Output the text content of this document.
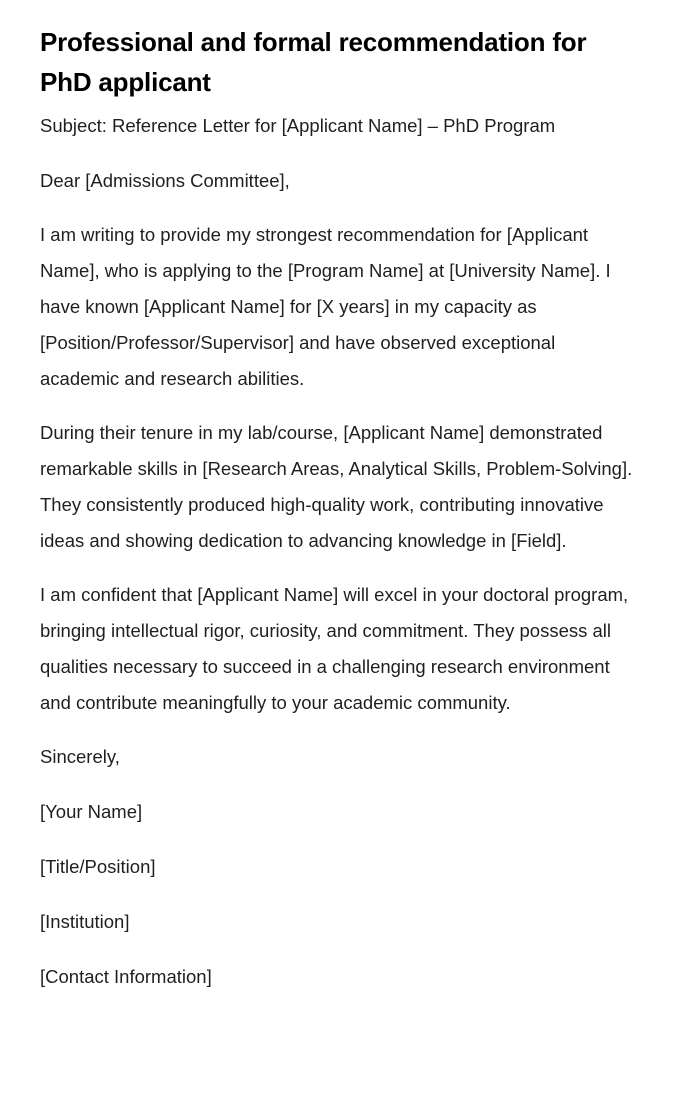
Professional and formal recommendation for PhD applicant

Subject: Reference Letter for [Applicant Name] – PhD Program

Dear [Admissions Committee],

I am writing to provide my strongest recommendation for [Applicant Name], who is applying to the [Program Name] at [University Name]. I have known [Applicant Name] for [X years] in my capacity as [Position/Professor/Supervisor] and have observed exceptional academic and research abilities.

During their tenure in my lab/course, [Applicant Name] demonstrated remarkable skills in [Research Areas, Analytical Skills, Problem-Solving]. They consistently produced high-quality work, contributing innovative ideas and showing dedication to advancing knowledge in [Field].

I am confident that [Applicant Name] will excel in your doctoral program, bringing intellectual rigor, curiosity, and commitment. They possess all qualities necessary to succeed in a challenging research environment and contribute meaningfully to your academic community.

Sincerely,

[Your Name]

[Title/Position]

[Institution]

[Contact Information]
